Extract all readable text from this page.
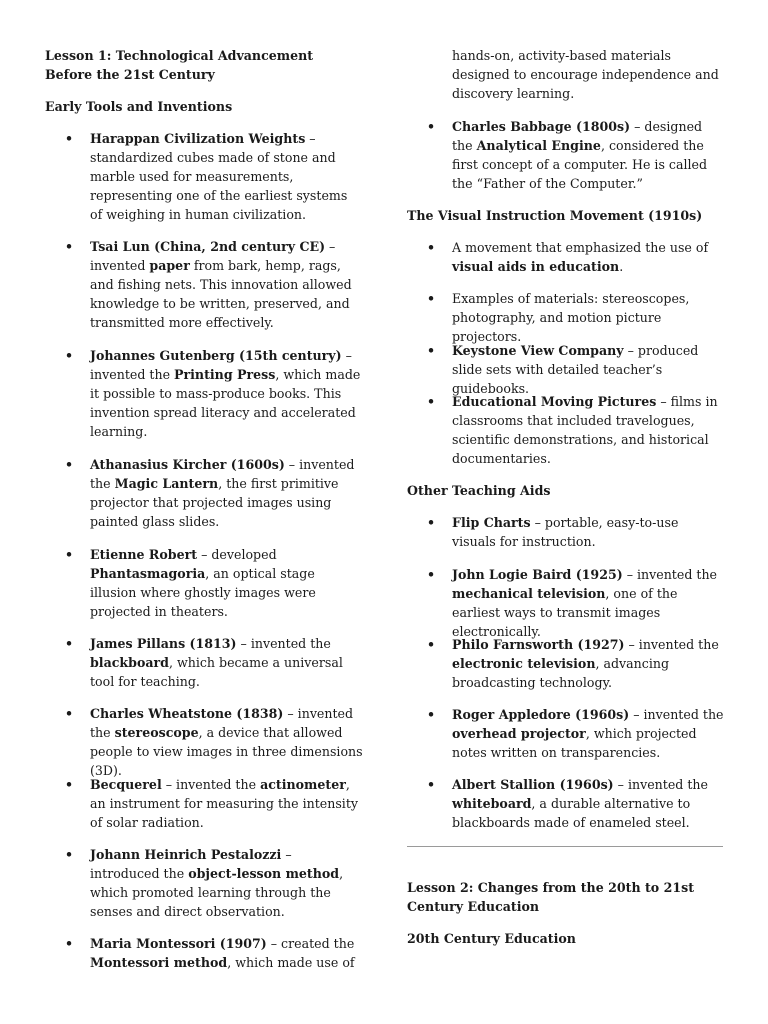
Lesson 1: Technological Advancement Before the 21st Century

Early Tools and Inventions

• Harappan Civilization Weights – standardized cubes made of stone and marble used for measurements, representing one of the earliest systems of weighing in human civilization.
• Tsai Lun (China, 2nd century CE) – invented paper from bark, hemp, rags, and fishing nets. This innovation allowed knowledge to be written, preserved, and transmitted more effectively.
• Johannes Gutenberg (15th century) – invented the Printing Press, which made it possible to mass-produce books. This invention spread literacy and accelerated learning.
• Athanasius Kircher (1600s) – invented the Magic Lantern, the first primitive projector that projected images using painted glass slides.
• Etienne Robert – developed Phantasmagoria, an optical stage illusion where ghostly images were projected in theaters.
• James Pillans (1813) – invented the blackboard, which became a universal tool for teaching.
• Charles Wheatstone (1838) – invented the stereoscope, a device that allowed people to view images in three dimensions (3D).
• Becquerel – invented the actinometer, an instrument for measuring the intensity of solar radiation.
• Johann Heinrich Pestalozzi – introduced the object-lesson method, which promoted learning through the senses and direct observation.
• Maria Montessori (1907) – created the Montessori method, which made use of
hands-on, activity-based materials designed to encourage independence and discovery learning.
• Charles Babbage (1800s) – designed the Analytical Engine, considered the first concept of a computer. He is called the “Father of the Computer.”

The Visual Instruction Movement (1910s)

• A movement that emphasized the use of visual aids in education.
• Examples of materials: stereoscopes, photography, and motion picture projectors.
• Keystone View Company – produced slide sets with detailed teacher’s guidebooks.
• Educational Moving Pictures – films in classrooms that included travelogues, scientific demonstrations, and historical documentaries.

Other Teaching Aids

• Flip Charts – portable, easy-to-use visuals for instruction.
• John Logie Baird (1925) – invented the mechanical television, one of the earliest ways to transmit images electronically.
• Philo Farnsworth (1927) – invented the electronic television, advancing broadcasting technology.
• Roger Appledore (1960s) – invented the overhead projector, which projected notes written on transparencies.
• Albert Stallion (1960s) – invented the whiteboard, a durable alternative to blackboards made of enameled steel.

Lesson 2: Changes from the 20th to 21st Century Education

20th Century Education
